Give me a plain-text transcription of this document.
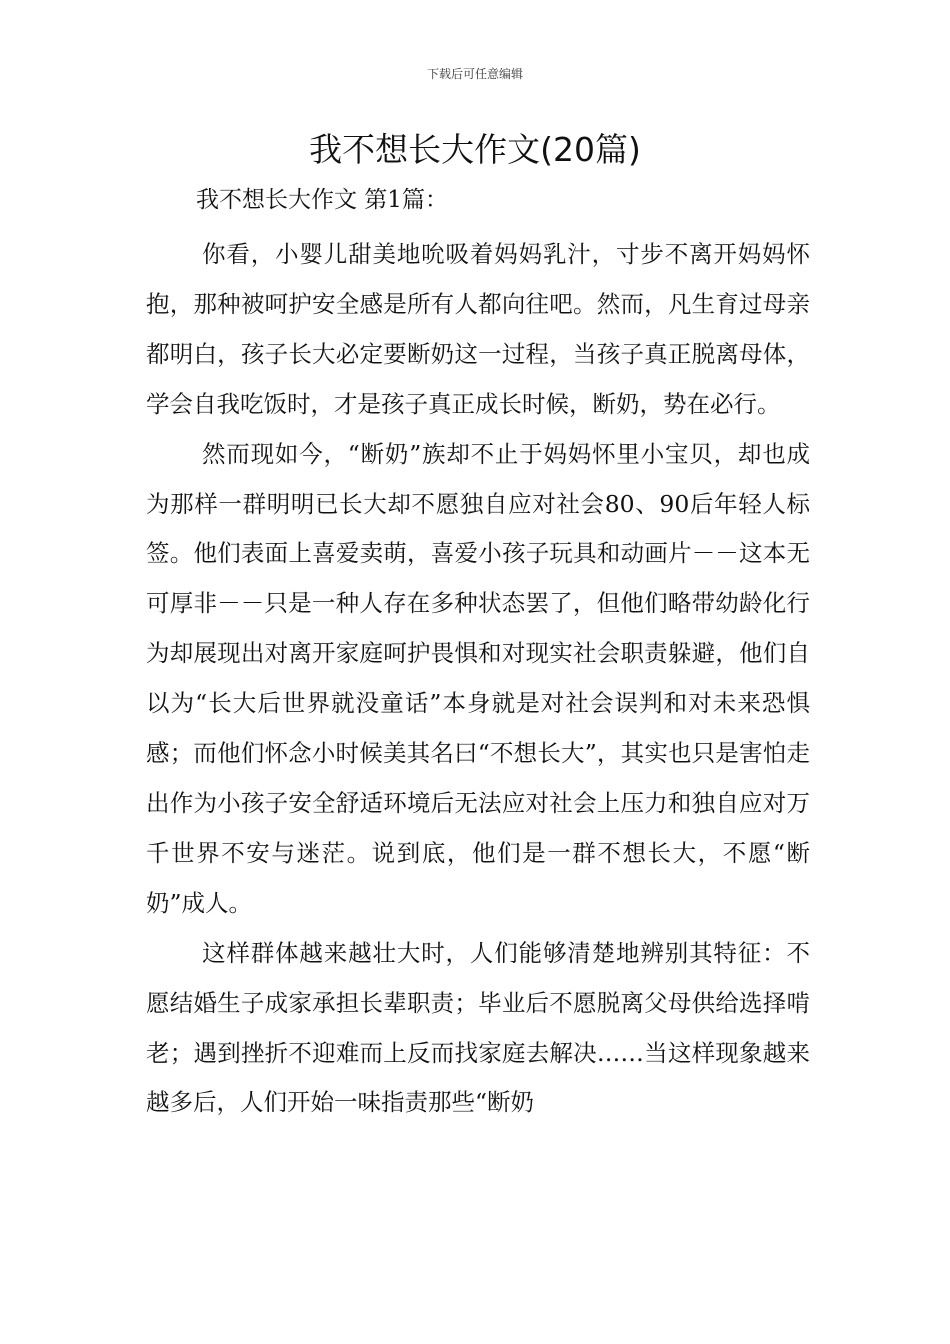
下载后可任意编辑
我不想长大作文(20篇)
我不想长大作文 第1篇：

你看，小婴儿甜美地吮吸着妈妈乳汁，寸步不离开妈妈怀抱，那种被呵护安全感是所有人都向往吧。然而，凡生育过母亲都明白，孩子长大必定要断奶这一过程，当孩子真正脱离母体，学会自我吃饭时，才是孩子真正成长时候，断奶，势在必行。

然而现如今，“断奶”族却不止于妈妈怀里小宝贝，却也成为那样一群明明已长大却不愿独自应对社会80、90后年轻人标签。他们表面上喜爱卖萌，喜爱小孩子玩具和动画片－－这本无可厚非－－只是一种人存在多种状态罢了，但他们略带幼龄化行为却展现出对离开家庭呵护畏惧和对现实社会职责躲避，他们自以为“长大后世界就没童话”本身就是对社会误判和对未来恐惧感；而他们怀念小时候美其名曰“不想长大”，其实也只是害怕走出作为小孩子安全舒适环境后无法应对社会上压力和独自应对万千世界不安与迷茫。说到底，他们是一群不想长大，不愿“断奶”成人。

这样群体越来越壮大时，人们能够清楚地辨别其特征：不愿结婚生子成家承担长辈职责；毕业后不愿脱离父母供给选择啃老；遇到挫折不迎难而上反而找家庭去解决……当这样现象越来越多后，人们开始一味指责那些“断奶
